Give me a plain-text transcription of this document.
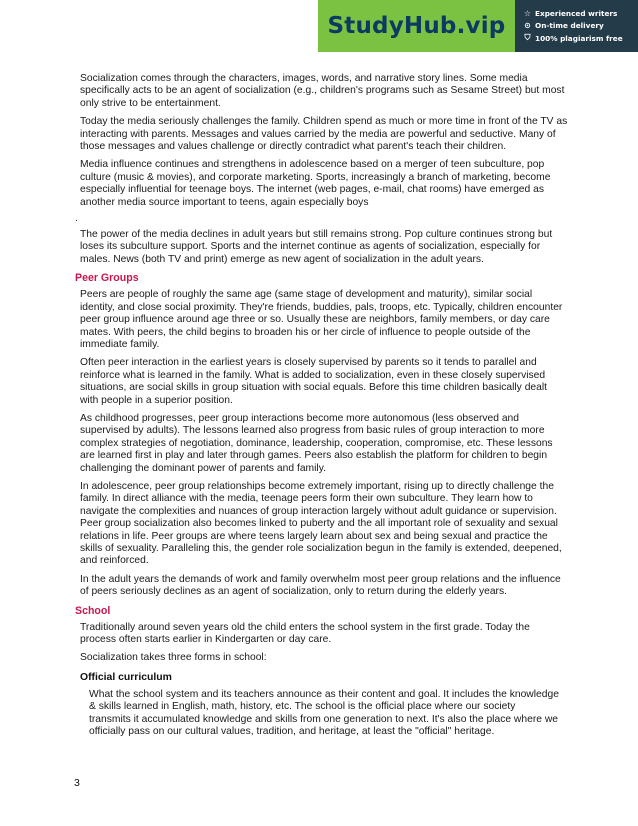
StudyHub.vip ☆ Experienced writers
⊙ On-time delivery
⛉ 100% plagiarism free

Socialization comes through the characters, images, words, and narrative story lines. Some media specifically acts to be an agent of socialization (e.g., children's programs such as Sesame Street) but most only strive to be entertainment.

Today the media seriously challenges the family. Children spend as much or more time in front of the TV as interacting with parents. Messages and values carried by the media are powerful and seductive. Many of those messages and values challenge or directly contradict what parent's teach their children.

Media influence continues and strengthens in adolescence based on a merger of teen subculture, pop culture (music & movies), and corporate marketing. Sports, increasingly a branch of marketing, become especially influential for teenage boys. The internet (web pages, e-mail, chat rooms) have emerged as another media source important to teens, again especially boys

.

The power of the media declines in adult years but still remains strong. Pop culture continues strong but loses its subculture support. Sports and the internet continue as agents of socialization, especially for males. News (both TV and print) emerge as new agent of socialization in the adult years.

Peer Groups

Peers are people of roughly the same age (same stage of development and maturity), similar social identity, and close social proximity. They're friends, buddies, pals, troops, etc. Typically, children encounter peer group influence around age three or so. Usually these are neighbors, family members, or day care mates. With peers, the child begins to broaden his or her circle of influence to people outside of the immediate family.

Often peer interaction in the earliest years is closely supervised by parents so it tends to parallel and reinforce what is learned in the family. What is added to socialization, even in these closely supervised situations, are social skills in group situation with social equals. Before this time children basically dealt with people in a superior position.

As childhood progresses, peer group interactions become more autonomous (less observed and supervised by adults). The lessons learned also progress from basic rules of group interaction to more complex strategies of negotiation, dominance, leadership, cooperation, compromise, etc. These lessons are learned first in play and later through games. Peers also establish the platform for children to begin challenging the dominant power of parents and family.

In adolescence, peer group relationships become extremely important, rising up to directly challenge the family. In direct alliance with the media, teenage peers form their own subculture. They learn how to navigate the complexities and nuances of group interaction largely without adult guidance or supervision. Peer group socialization also becomes linked to puberty and the all important role of sexuality and sexual relations in life. Peer groups are where teens largely learn about sex and being sexual and practice the skills of sexuality. Paralleling this, the gender role socialization begun in the family is extended, deepened, and reinforced.

In the adult years the demands of work and family overwhelm most peer group relations and the influence of peers seriously declines as an agent of socialization, only to return during the elderly years.

School

Traditionally around seven years old the child enters the school system in the first grade. Today the process often starts earlier in Kindergarten or day care.

Socialization takes three forms in school:

Official curriculum

What the school system and its teachers announce as their content and goal. It includes the knowledge & skills learned in English, math, history, etc. The school is the official place where our society transmits it accumulated knowledge and skills from one generation to next. It's also the place where we officially pass on our cultural values, tradition, and heritage, at least the "official" heritage.

3
